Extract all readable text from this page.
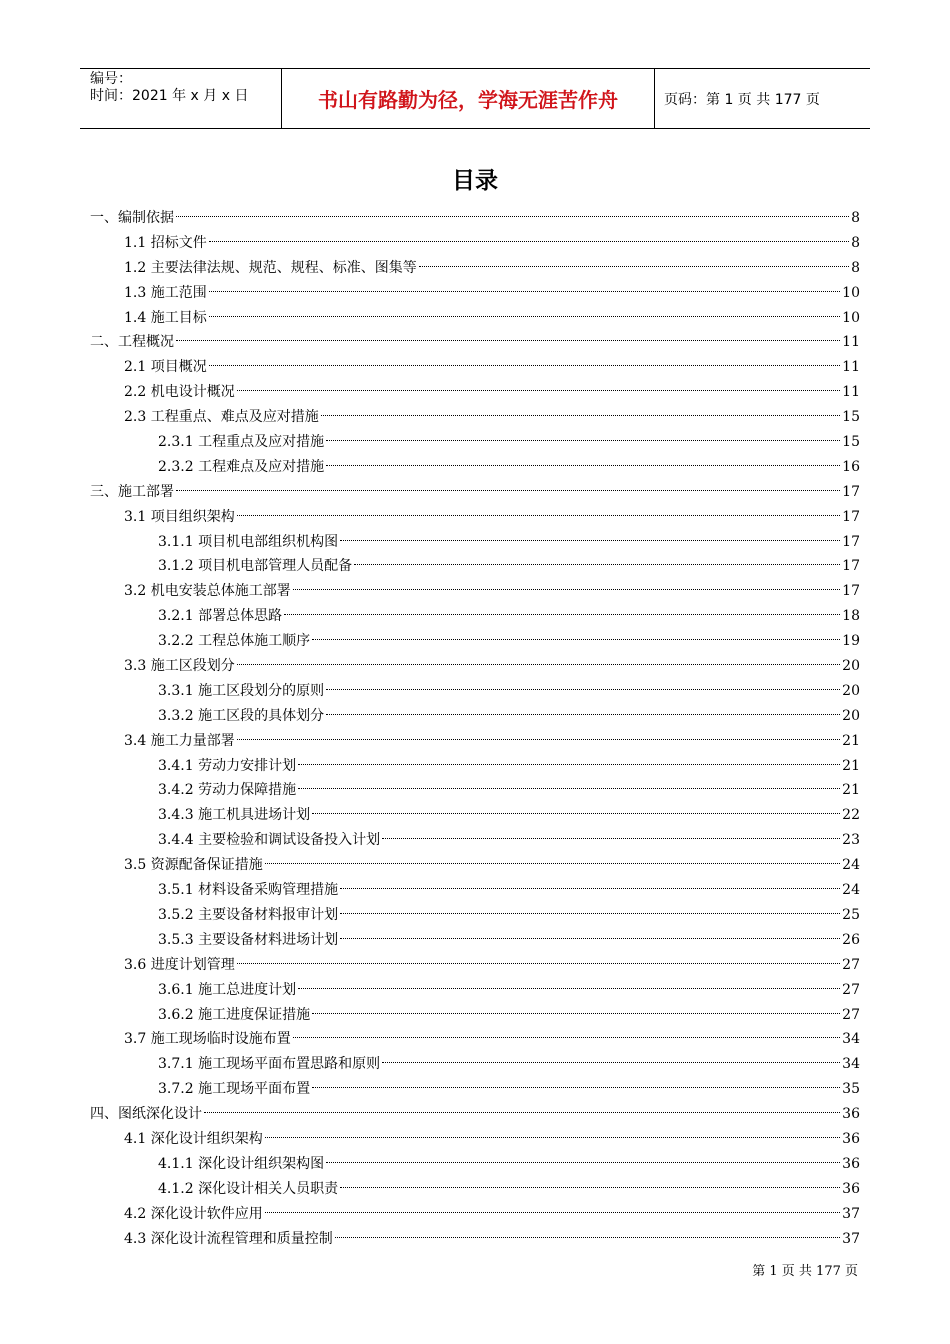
编号：
时间：2021 年 x 月 x 日	书山有路勤为径，学海无涯苦作舟	页码：第 1 页 共 177 页
目录
一、编制依据	8
1.1 招标文件	8
1.2 主要法律法规、规范、规程、标准、图集等	8
1.3 施工范围	10
1.4 施工目标	10
二、工程概况	11
2.1 项目概况	11
2.2 机电设计概况	11
2.3 工程重点、难点及应对措施	15
2.3.1 工程重点及应对措施	15
2.3.2 工程难点及应对措施	16
三、施工部署	17
3.1 项目组织架构	17
3.1.1 项目机电部组织机构图	17
3.1.2 项目机电部管理人员配备	17
3.2 机电安装总体施工部署	17
3.2.1 部署总体思路	18
3.2.2 工程总体施工顺序	19
3.3 施工区段划分	20
3.3.1 施工区段划分的原则	20
3.3.2 施工区段的具体划分	20
3.4 施工力量部署	21
3.4.1 劳动力安排计划	21
3.4.2 劳动力保障措施	21
3.4.3 施工机具进场计划	22
3.4.4 主要检验和调试设备投入计划	23
3.5 资源配备保证措施	24
3.5.1 材料设备采购管理措施	24
3.5.2 主要设备材料报审计划	25
3.5.3 主要设备材料进场计划	26
3.6 进度计划管理	27
3.6.1 施工总进度计划	27
3.6.2 施工进度保证措施	27
3.7 施工现场临时设施布置	34
3.7.1 施工现场平面布置思路和原则	34
3.7.2 施工现场平面布置	35
四、图纸深化设计	36
4.1 深化设计组织架构	36
4.1.1 深化设计组织架构图	36
4.1.2 深化设计相关人员职责	36
4.2 深化设计软件应用	37
4.3 深化设计流程管理和质量控制	37
第 1 页 共 177 页
